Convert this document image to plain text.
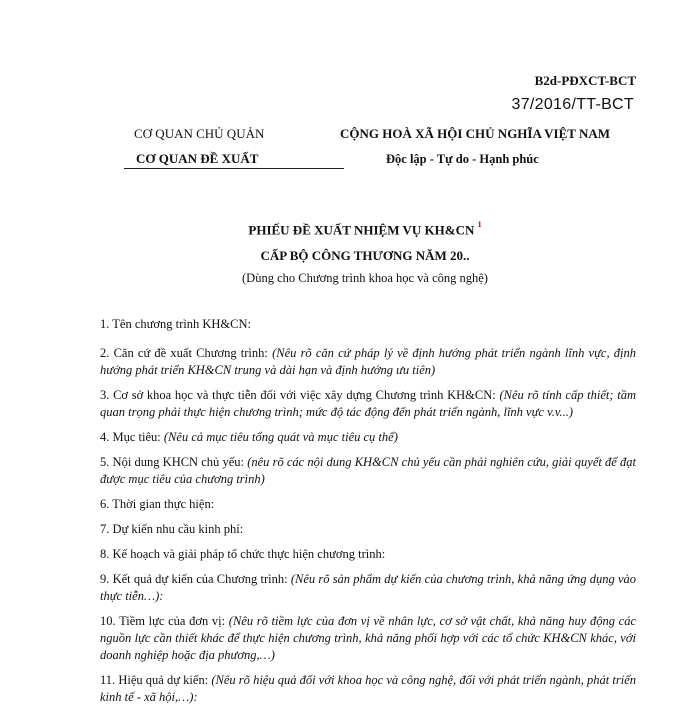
B2d-PĐXCT-BCT
37/2016/TT-BCT
CƠ QUAN CHỦ QUẢN
CƠ QUAN ĐỀ XUẤT
CỘNG HOÀ XÃ HỘI CHỦ NGHĨA VIỆT NAM
Độc lập - Tự do - Hạnh phúc
PHIẾU ĐỀ XUẤT NHIỆM VỤ KH&CN $^1$
CẤP BỘ CÔNG THƯƠNG NĂM 20..
(Dùng cho Chương trình khoa học và công nghệ)
1. Tên chương trình KH&CN:
2. Căn cứ đề xuất Chương trình: (Nêu rõ căn cứ pháp lý về định hướng phát triển ngành lĩnh vực, định hướng phát triển KH&CN trung và dài hạn và định hướng ưu tiên)
3. Cơ sở khoa học và thực tiễn đối với việc xây dựng Chương trình KH&CN: (Nêu rõ tính cấp thiết; tầm quan trọng phải thực hiện chương trình; mức độ tác động đến phát triển ngành, lĩnh vực v.v...)
4. Mục tiêu: (Nêu cả mục tiêu tổng quát và mục tiêu cụ thể)
5. Nội dung KHCN chủ yếu: (nêu rõ các nội dung KH&CN chủ yếu cần phải nghiên cứu, giải quyết để đạt được mục tiêu của chương trình)
6. Thời gian thực hiện:
7. Dự kiến nhu cầu kinh phí:
8. Kế hoạch và giải pháp tổ chức thực hiện chương trình:
9. Kết quả dự kiến của Chương trình: (Nêu rõ sản phẩm dự kiến của chương trình, khả năng ứng dụng vào thực tiễn…):
10. Tiềm lực của đơn vị: (Nêu rõ tiềm lực của đơn vị về nhân lực, cơ sở vật chất, khả năng huy động các nguồn lực cần thiết khác để thực hiện chương trình, khả năng phối hợp với các tổ chức KH&CN khác, với doanh nghiệp hoặc địa phương,…)
11. Hiệu quả dự kiến: (Nêu rõ hiệu quả đối với khoa học và công nghệ, đối với phát triển ngành, phát triển kinh tế - xã hội,…):
